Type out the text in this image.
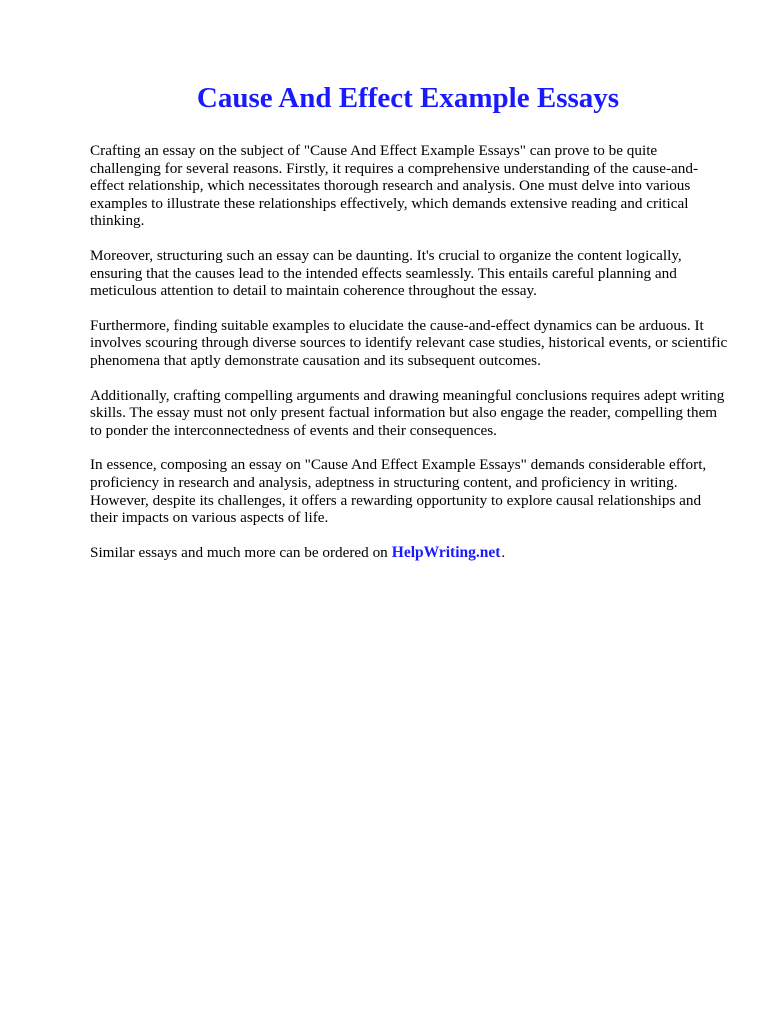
Cause And Effect Example Essays

Crafting an essay on the subject of "Cause And Effect Example Essays" can prove to be quite challenging for several reasons. Firstly, it requires a comprehensive understanding of the cause-and-effect relationship, which necessitates thorough research and analysis. One must delve into various examples to illustrate these relationships effectively, which demands extensive reading and critical thinking.

Moreover, structuring such an essay can be daunting. It's crucial to organize the content logically, ensuring that the causes lead to the intended effects seamlessly. This entails careful planning and meticulous attention to detail to maintain coherence throughout the essay.

Furthermore, finding suitable examples to elucidate the cause-and-effect dynamics can be arduous. It involves scouring through diverse sources to identify relevant case studies, historical events, or scientific phenomena that aptly demonstrate causation and its subsequent outcomes.

Additionally, crafting compelling arguments and drawing meaningful conclusions requires adept writing skills. The essay must not only present factual information but also engage the reader, compelling them to ponder the interconnectedness of events and their consequences.

In essence, composing an essay on "Cause And Effect Example Essays" demands considerable effort, proficiency in research and analysis, adeptness in structuring content, and proficiency in writing. However, despite its challenges, it offers a rewarding opportunity to explore causal relationships and their impacts on various aspects of life.

Similar essays and much more can be ordered on HelpWriting.net.
